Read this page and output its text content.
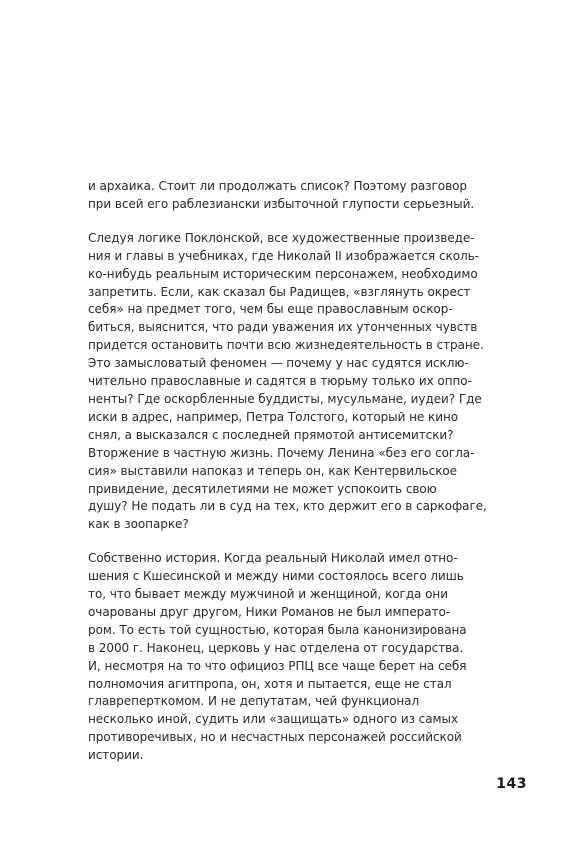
и архаика. Стоит ли продолжать список? Поэтому разговор
при всей его раблезиански избыточной глупости серьезный.

Следуя логике Поклонской, все художественные произведе-
ния и главы в учебниках, где Николай II изображается сколь-
ко-нибудь реальным историческим персонажем, необходимо
запретить. Если, как сказал бы Радищев, «взглянуть окрест
себя» на предмет того, чем бы еще православным оскор-
биться, выяснится, что ради уважения их утонченных чувств
придется остановить почти всю жизнедеятельность в стране.
Это замысловатый феномен — почему у нас судятся исклю-
чительно православные и садятся в тюрьму только их оппо-
ненты? Где оскорбленные буддисты, мусульмане, иудеи? Где
иски в адрес, например, Петра Толстого, который не кино
снял, а высказался с последней прямотой антисемитски?
Вторжение в частную жизнь. Почему Ленина «без его согла-
сия» выставили напоказ и теперь он, как Кентервильское
привидение, десятилетиями не может успокоить свою
душу? Не подать ли в суд на тех, кто держит его в саркофаге,
как в зоопарке?

Собственно история. Когда реальный Николай имел отно-
шения с Кшесинской и между ними состоялось всего лишь
то, что бывает между мужчиной и женщиной, когда они
очарованы друг другом, Ники Романов не был императо-
ром. То есть той сущностью, которая была канонизирована
в 2000 г. Наконец, церковь у нас отделена от государства.
И, несмотря на то что официоз РПЦ все чаще берет на себя
полномочия агитпропа, он, хотя и пытается, еще не стал
главреперткомом. И не депутатам, чей функционал
несколько иной, судить или «защищать» одного из самых
противоречивых, но и несчастных персонажей российской
истории.

143
